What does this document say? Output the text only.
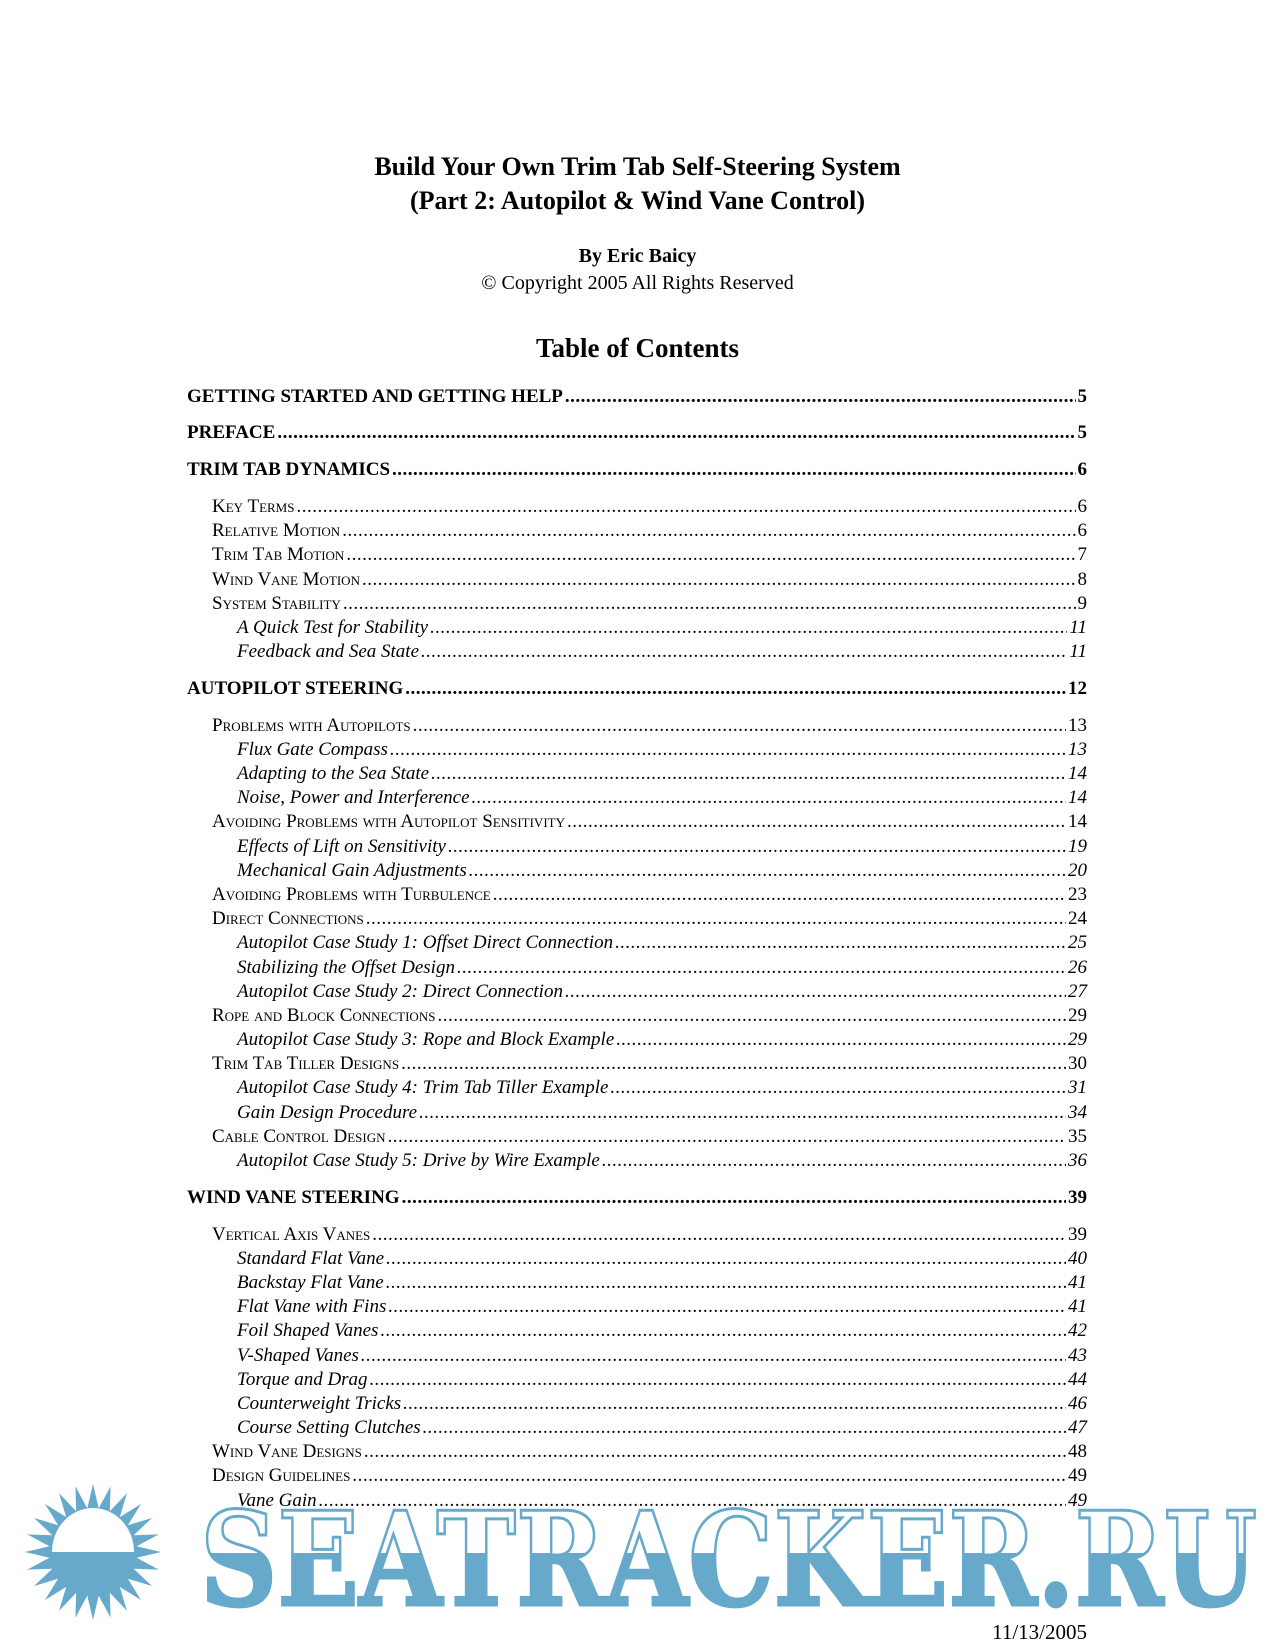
Build Your Own Trim Tab Self-Steering System
(Part 2: Autopilot & Wind Vane Control)
By Eric Baicy
© Copyright 2005 All Rights Reserved
Table of Contents
GETTING STARTED AND GETTING HELP .....	5
PREFACE .....	5
TRIM TAB DYNAMICS .....	6
Key Terms .....	6
Relative Motion .....	6
Trim Tab Motion .....	7
Wind Vane Motion .....	8
System Stability .....	9
A Quick Test for Stability .....	11
Feedback and Sea State .....	11
AUTOPILOT STEERING .....	12
Problems with Autopilots .....	13
Flux Gate Compass .....	13
Adapting to the Sea State .....	14
Noise, Power and Interference .....	14
Avoiding Problems with Autopilot Sensitivity .....	14
Effects of Lift on Sensitivity .....	19
Mechanical Gain Adjustments .....	20
Avoiding Problems with Turbulence .....	23
Direct Connections .....	24
Autopilot Case Study 1: Offset Direct Connection .....	25
Stabilizing the Offset Design .....	26
Autopilot Case Study 2: Direct Connection .....	27
Rope and Block Connections .....	29
Autopilot Case Study 3: Rope and Block Example .....	29
Trim Tab Tiller Designs .....	30
Autopilot Case Study 4: Trim Tab Tiller Example .....	31
Gain Design Procedure .....	34
Cable Control Design .....	35
Autopilot Case Study 5: Drive by Wire Example .....	36
WIND VANE STEERING .....	39
Vertical Axis Vanes .....	39
Standard Flat Vane .....	40
Backstay Flat Vane .....	41
Flat Vane with Fins .....	41
Foil Shaped Vanes .....	42
V-Shaped Vanes .....	43
Torque and Drag .....	44
Counterweight Tricks .....	46
Course Setting Clutches .....	47
Wind Vane Designs .....	48
Design Guidelines .....	49
Vane Gain .....	49
SEATRACKER.RU
11/13/2005
